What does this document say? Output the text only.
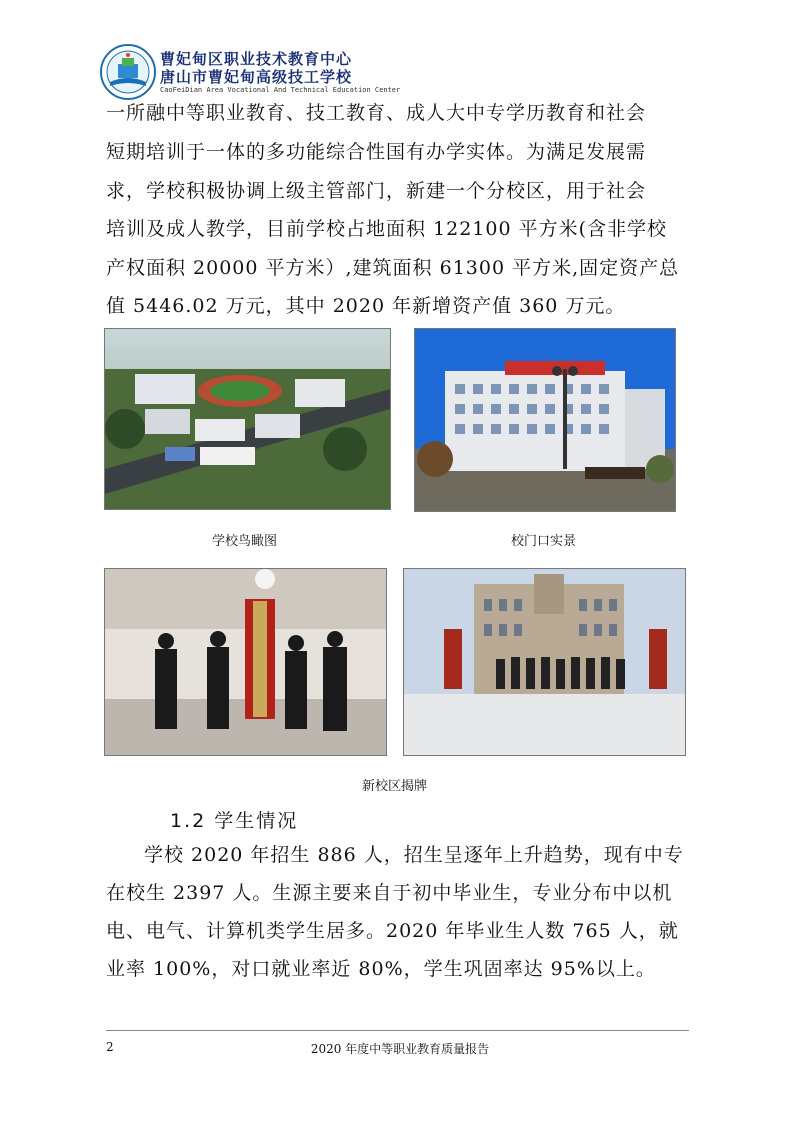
曹妃甸区职业技术教育中心
唐山市曹妃甸高级技工学校
CaoFeiDian Area Vocational And Technical Education Center
一所融中等职业教育、技工教育、成人大中专学历教育和社会
短期培训于一体的多功能综合性国有办学实体。为满足发展需
求，学校积极协调上级主管部门，新建一个分校区，用于社会
培训及成人教学，目前学校占地面积 122100 平方米(含非学校
产权面积 20000 平方米）,建筑面积 61300 平方米,固定资产总
值 5446.02 万元，其中 2020 年新增资产值 360 万元。
学校鸟瞰图	校门口实景
新校区揭牌
1.2 学生情况
学校 2020 年招生 886 人，招生呈逐年上升趋势，现有中专
在校生 2397 人。生源主要来自于初中毕业生，专业分布中以机
电、电气、计算机类学生居多。2020 年毕业生人数 765 人，就
业率 100%，对口就业率近 80%，学生巩固率达 95%以上。
2	2020 年度中等职业教育质量报告
